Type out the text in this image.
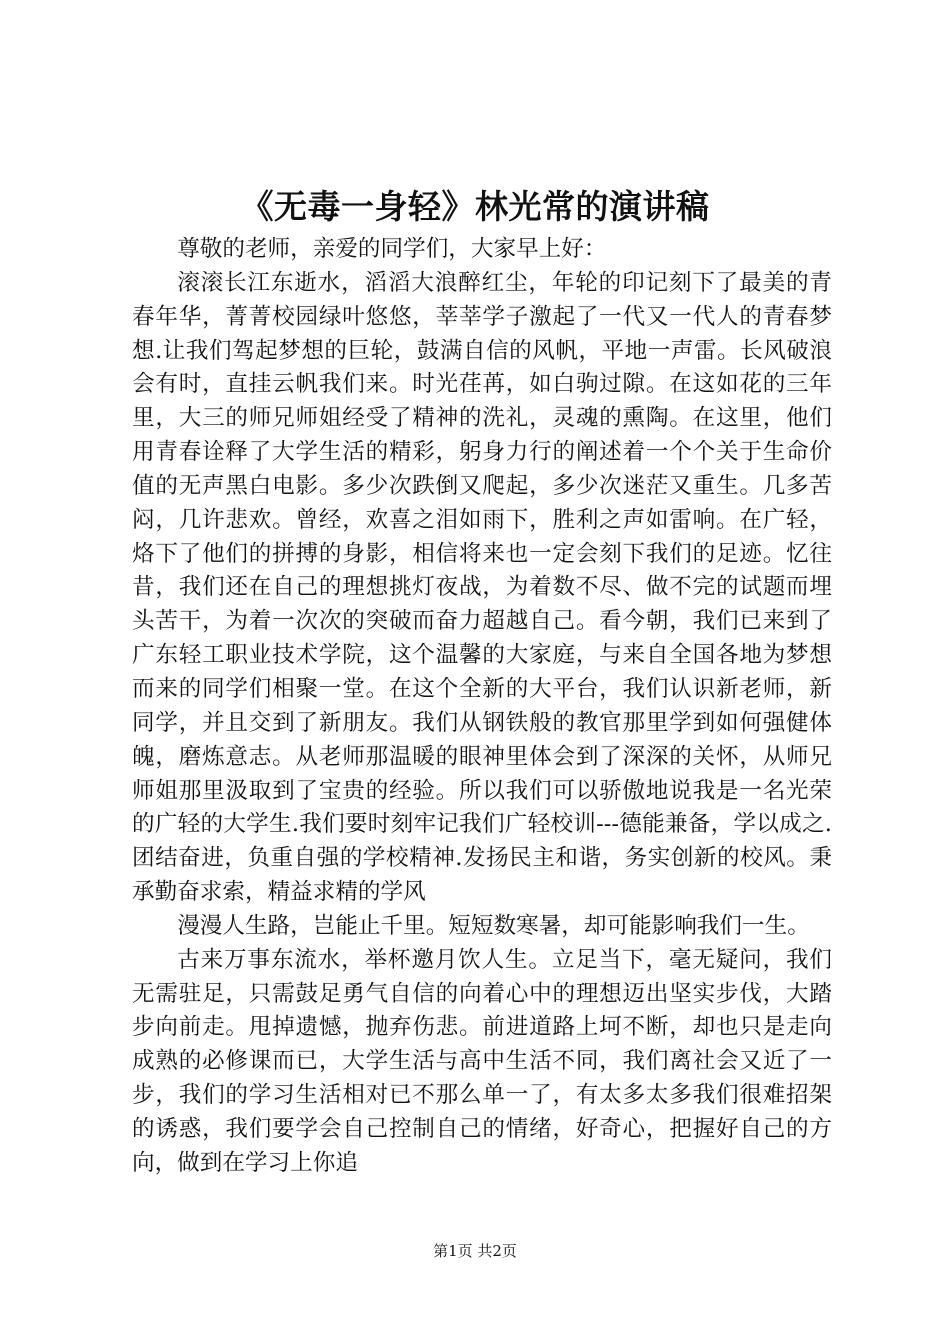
《无毒一身轻》林光常的演讲稿

尊敬的老师，亲爱的同学们，大家早上好：

滚滚长江东逝水，滔滔大浪醉红尘，年轮的印记刻下了最美的青春年华，菁菁校园绿叶悠悠，莘莘学子激起了一代又一代人的青春梦想.让我们驾起梦想的巨轮，鼓满自信的风帆，平地一声雷。长风破浪会有时，直挂云帆我们来。时光荏苒，如白驹过隙。在这如花的三年里，大三的师兄师姐经受了精神的洗礼，灵魂的熏陶。在这里，他们用青春诠释了大学生活的精彩，躬身力行的阐述着一个个关于生命价值的无声黑白电影。多少次跌倒又爬起，多少次迷茫又重生。几多苦闷，几许悲欢。曾经，欢喜之泪如雨下，胜利之声如雷响。在广轻，烙下了他们的拼搏的身影，相信将来也一定会刻下我们的足迹。忆往昔，我们还在自己的理想挑灯夜战，为着数不尽、做不完的试题而埋头苦干，为着一次次的突破而奋力超越自己。看今朝，我们已来到了广东轻工职业技术学院，这个温馨的大家庭，与来自全国各地为梦想而来的同学们相聚一堂。在这个全新的大平台，我们认识新老师，新同学，并且交到了新朋友。我们从钢铁般的教官那里学到如何强健体魄，磨炼意志。从老师那温暖的眼神里体会到了深深的关怀，从师兄师姐那里汲取到了宝贵的经验。所以我们可以骄傲地说我是一名光荣的广轻的大学生.我们要时刻牢记我们广轻校训---德能兼备，学以成之.团结奋进，负重自强的学校精神.发扬民主和谐，务实创新的校风。秉承勤奋求索，精益求精的学风

漫漫人生路，岂能止千里。短短数寒暑，却可能影响我们一生。

古来万事东流水，举杯邀月饮人生。立足当下，毫无疑问，我们无需驻足，只需鼓足勇气自信的向着心中的理想迈出坚实步伐，大踏步向前走。甩掉遗憾，抛弃伤悲。前进道路上坷不断，却也只是走向成熟的必修课而已，大学生活与高中生活不同，我们离社会又近了一步，我们的学习生活相对已不那么单一了，有太多太多我们很难招架的诱惑，我们要学会自己控制自己的情绪，好奇心，把握好自己的方向，做到在学习上你追

第1页 共2页
